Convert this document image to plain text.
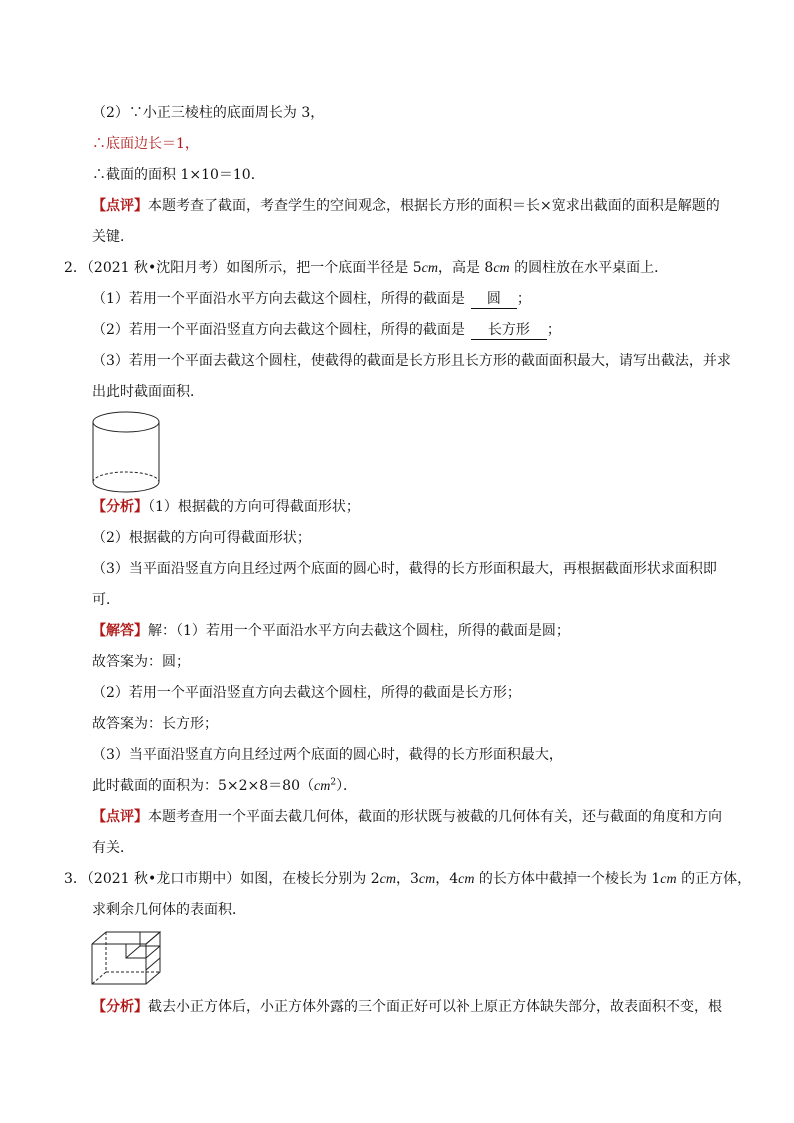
（2）∵小正三棱柱的底面周长为 3，
∴底面边长＝1，
∴截面的面积 1×10＝10．
【点评】本题考查了截面，考查学生的空间观念，根据长方形的面积＝长×宽求出截面的面积是解题的
关键．
2．（2021 秋•沈阳月考）如图所示，把一个底面半径是 5cm，高是 8cm 的圆柱放在水平桌面上．
（1）若用一个平面沿水平方向去截这个圆柱，所得的截面是 圆 ；
（2）若用一个平面沿竖直方向去截这个圆柱，所得的截面是 长方形 ；
（3）若用一个平面去截这个圆柱，使截得的截面是长方形且长方形的截面面积最大，请写出截法，并求
出此时截面面积．
【分析】（1）根据截的方向可得截面形状；
（2）根据截的方向可得截面形状；
（3）当平面沿竖直方向且经过两个底面的圆心时，截得的长方形面积最大，再根据截面形状求面积即
可．
【解答】解：（1）若用一个平面沿水平方向去截这个圆柱，所得的截面是圆；
故答案为：圆；
（2）若用一个平面沿竖直方向去截这个圆柱，所得的截面是长方形；
故答案为：长方形；
（3）当平面沿竖直方向且经过两个底面的圆心时，截得的长方形面积最大，
此时截面的面积为：$5\times 2\times 8=80(cm^2)$．
【点评】本题考查用一个平面去截几何体，截面的形状既与被截的几何体有关，还与截面的角度和方向
有关．
3．（2021 秋•龙口市期中）如图，在棱长分别为 2cm，3cm，4cm 的长方体中截掉一个棱长为 1cm 的正方体，
求剩余几何体的表面积．
【分析】截去小正方体后，小正方体外露的三个面正好可以补上原正方体缺失部分，故表面积不变，根
